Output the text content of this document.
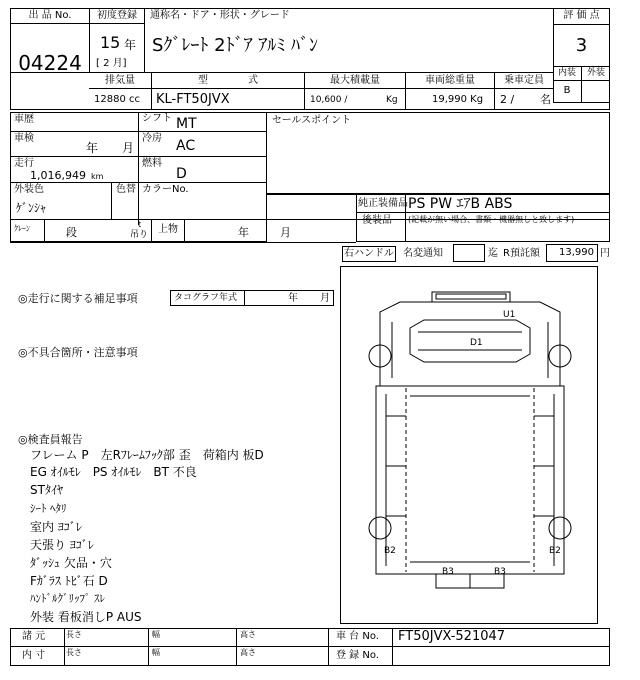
出 品 No.
04224
初度登録
15 年
[ 2 月]
通称名・ドア・形状・グレード
Sｸﾞﾚｰﾄ 2ﾄﾞｱ ｱﾙﾐ ﾊﾞﾝ
評 価 点
3
内装	外装
B
排気量
12880 cc
型　　　　式
KL-FT50JVX
最大積載量
10,600 /	Kg
車両総重量
19,990 Kg
乗車定員
2 / 名
セールスポイント
車歴	シフト MT
車検
年 月
冷房 AC
走行
1,016,949 km
燃料
D
外装色
ｹﾞﾝｼｬ
色替 カラーNo.
純正装備品 PS PW ｴｱB ABS
後装品 (記載が無い場合、書類・機器無しと致します)
ｸﾚｰﾝ	段
t
吊り 上物	年	月
右ハンドル 名変通知	迄 R預託額	13,990 円
◎走行に関する補足事項	タコグラフ年式	年 月
◎不具合箇所・注意事項
◎検査員報告
フレーム P　左Rﾌﾚｰﾑﾌｯｸ部 歪　荷箱内 板D
EG ｵｲﾙﾓﾚ　PS ｵｲﾙﾓﾚ　BT 不良
STﾀｲﾔ
ｼｰﾄ ﾍﾀﾘ
室内 ﾖｺﾞﾚ
天張り ﾖｺﾞﾚ
ﾀﾞｯｼｭ 欠品・穴
Fｶﾞﾗｽ ﾄﾋﾞ石 D
ﾊﾝﾄﾞﾙｸﾞﾘｯﾌﾟ ｽﾚ
外装 看板消しP AUS
U1
D1
B2	B2
B3	B3
諸 元
内 寸
長さ	幅	高さ
長さ	幅	高さ
車 台 No. FT50JVX-521047
登 録 No.
